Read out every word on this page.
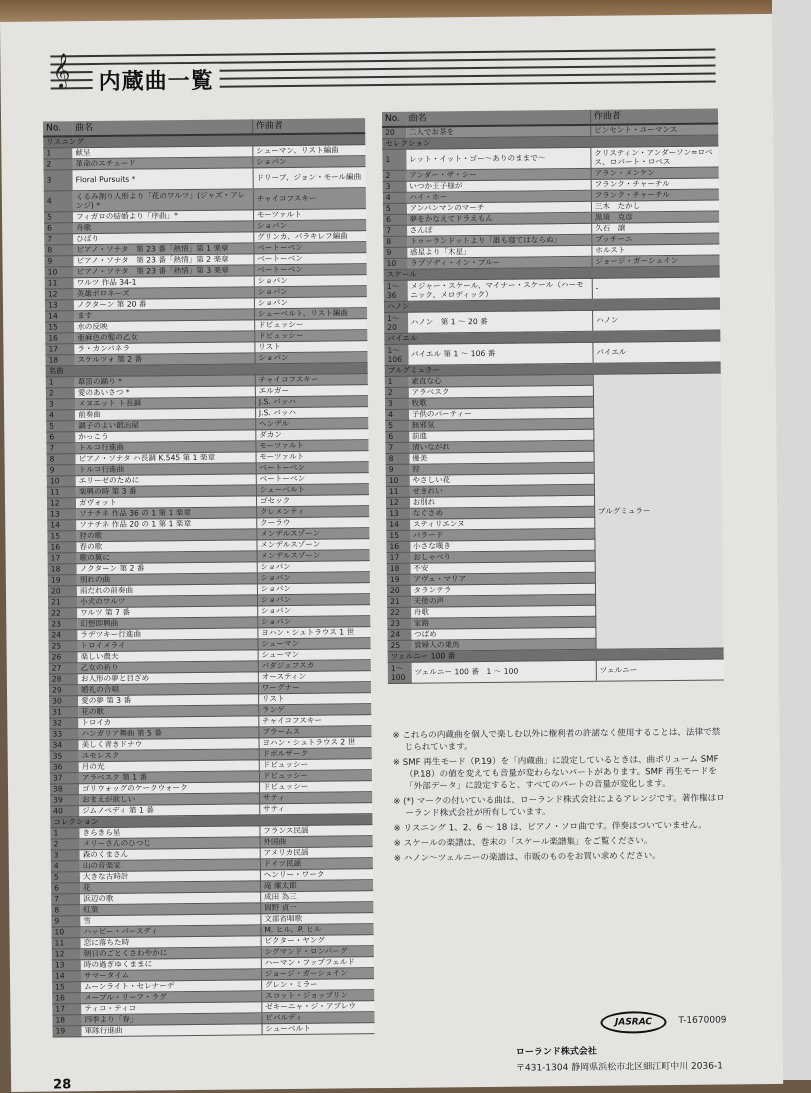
𝄞	内蔵曲一覧
No.	曲名	作曲者
リスニング		
1	献呈	シューマン、リスト編曲
2	革命のエチュード	ショパン
3	Floral Pursuits *	ドリーブ、ジョン・モール編曲
4	くるみ割り人形より「花のワルツ」(ジャズ・アレンジ) *	チャイコフスキー
5	フィガロの結婚より「序曲」*	モーツァルト
6	舟歌	ショパン
7	ひばり	グリンカ、バラキレフ編曲
8	ピアノ・ソナタ　第 23 番「熱情」第 1 楽章	ベートーベン
9	ピアノ・ソナタ　第 23 番「熱情」第 2 楽章	ベートーベン
10	ピアノ・ソナタ　第 23 番「熱情」第 3 楽章	ベートーベン
11	ワルツ 作品 34-1	ショパン
12	英雄ポロネーズ	ショパン
13	ノクターン 第 20 番	ショパン
14	ます	シューベルト、リスト編曲
15	水の反映	ドビュッシー
16	亜麻色の髪の乙女	ドビュッシー
17	ラ・カンパネラ	リスト
18	スケルツォ 第 2 番	ショパン
名曲		
1	葦笛の踊り *	チャイコフスキー
2	愛のあいさつ *	エルガー
3	メヌエット ト長調	J.S. バッハ
4	前奏曲	J.S. バッハ
5	調子のよい鍛冶屋	ヘンデル
6	かっこう	ダカン
7	トルコ行進曲	モーツァルト
8	ピアノ・ソナタ ハ長調 K.545 第 1 楽章	モーツァルト
9	トルコ行進曲	ベートーベン
10	エリーゼのために	ベートーベン
11	楽興の時 第 3 番	シューベルト
12	ガヴォット	ゴセック
13	ソナチネ 作品 36 の 1 第 1 楽章	クレメンティ
14	ソナチネ 作品 20 の 1 第 1 楽章	クーラウ
15	狩の歌	メンデルスゾーン
16	春の歌	メンデルスゾーン
17	歌の翼に	メンデルスゾーン
18	ノクターン 第 2 番	ショパン
19	別れの曲	ショパン
20	雨だれの前奏曲	ショパン
21	小犬のワルツ	ショパン
22	ワルツ 第 7 番	ショパン
23	幻想即興曲	ショパン
24	ラデツキー行進曲	ヨハン・シュトラウス 1 世
25	トロイメライ	シューマン
26	楽しい農夫	シューマン
27	乙女の祈り	バダジェフスカ
28	お人形の夢と目ざめ	オースティン
29	婚礼の合唱	ワーグナー
30	愛の夢 第 3 番	リスト
31	花の歌	ランゲ
32	トロイカ	チャイコフスキー
33	ハンガリア舞曲 第 5 番	ブラームス
34	美しく青きドナウ	ヨハン・シュトラウス 2 世
35	ユモレスク	ドボルザーク
36	月の光	ドビュッシー
37	アラベスク 第 1 番	ドビュッシー
38	ゴリウォッグのケークウォーク	ドビュッシー
39	おまえが欲しい	サティ
40	ジムノペディ 第 1 番	サティ
コレクション		
1	きらきら星	フランス民謡
2	メリーさんのひつじ	外国曲
3	森のくまさん	アメリカ民謡
4	山の音楽家	ドイツ民謡
5	大きな古時計	ヘンリー・ワーク
6	花	滝 廉太郎
7	浜辺の歌	成田 為三
8	紅葉	岡野 貞一
9	雪	文部省唱歌
10	ハッピー・バースディ	M. ヒル、P. ヒル
11	恋に落ちた時	ビクター・ヤング
12	朝日のごとくさわやかに	シグマンド・ロンバーグ
13	時の過ぎゆくままに	ハーマン・フップフェルド
14	サマータイム	ジョージ・ガーシュイン
15	ムーンライト・セレナーデ	グレン・ミラー
16	メープル・リーフ・ラグ	スコット・ジョップリン
17	ティコ・ティコ	ゼキーニャ・ジ・アブレウ
18	四季より「春」	ビバルディ
19	軍隊行進曲	シューベルト
No.	曲名	作曲者
20	二人でお茶を	ビンセント・ユーマンス
セレクション		
1	レット・イット・ゴー～ありのままで～	クリスティン・アンダーソン=ロペス、ロバート・ロペス
2	アンダー・ザ・シー	アラン・メンケン
3	いつか王子様が	フランク・チャーチル
4	ハイ・ホー	フランク・チャーチル
5	アンパンマンのマーチ	三木　たかし
6	夢をかなえてドラえもん	黒須　克彦
7	さんぽ	久石　譲
8	トゥーランドットより「誰も寝てはならぬ」	プッチーニ
9	惑星より「木星」	ホルスト
10	ラプソディ・イン・ブルー	ジョージ・ガーシュイン
スケール		
1～36	メジャー・スケール、マイナー・スケール（ハーモニック、メロディック）	-
ハノン		
1～20	ハノン　第 1 ～ 20 番	ハノン
バイエル		
1～106	バイエル 第 1 ～ 106 番	バイエル
ブルグミュラー		
1	素直な心	ブルグミュラー
2	アラベスク	
3	牧歌	
4	子供のパーティー	
5	無邪気	
6	前進	
7	清いながれ	
8	優美	
9	狩	
10	やさしい花	
11	せきれい	
12	お別れ	
13	なぐさめ	
14	スティリエンヌ	
15	バラード	
16	小さな嘆き	
17	おしゃべり	
18	不安	
19	アヴェ・マリア	
20	タランテラ	
21	天使の声	
22	舟歌	
23	家路	
24	つばめ	
25	貴婦人の乗馬	
ツェルニー 100 番		
1～100	ツェルニー 100 番　1 ～ 100	ツェルニー

※ これらの内蔵曲を個人で楽しむ以外に権利者の許諾なく使用することは、法律で禁じられています。

※ SMF 再生モード（P.19）を「内蔵曲」に設定しているときは、曲ボリューム SMF（P.18）の値を変えても音量が変わらないパートがあります。SMF 再生モードを「外部データ」に設定すると、すべてのパートの音量が変化します。

※ (*) マークの付いている曲は、ローランド株式会社によるアレンジです。著作権はローランド株式会社が所有しています。

※ リスニング 1、2、6 ～ 18 は、ピアノ・ソロ曲です。伴奏はついていません。

※ スケールの楽譜は、巻末の「スケール楽譜集」をご覧ください。

※ ハノン～ツェルニーの楽譜は、市販のものをお買い求めください。

JASRAC	T-1670009
ローランド株式会社
〒431-1304 静岡県浜松市北区細江町中川 2036-1
28
